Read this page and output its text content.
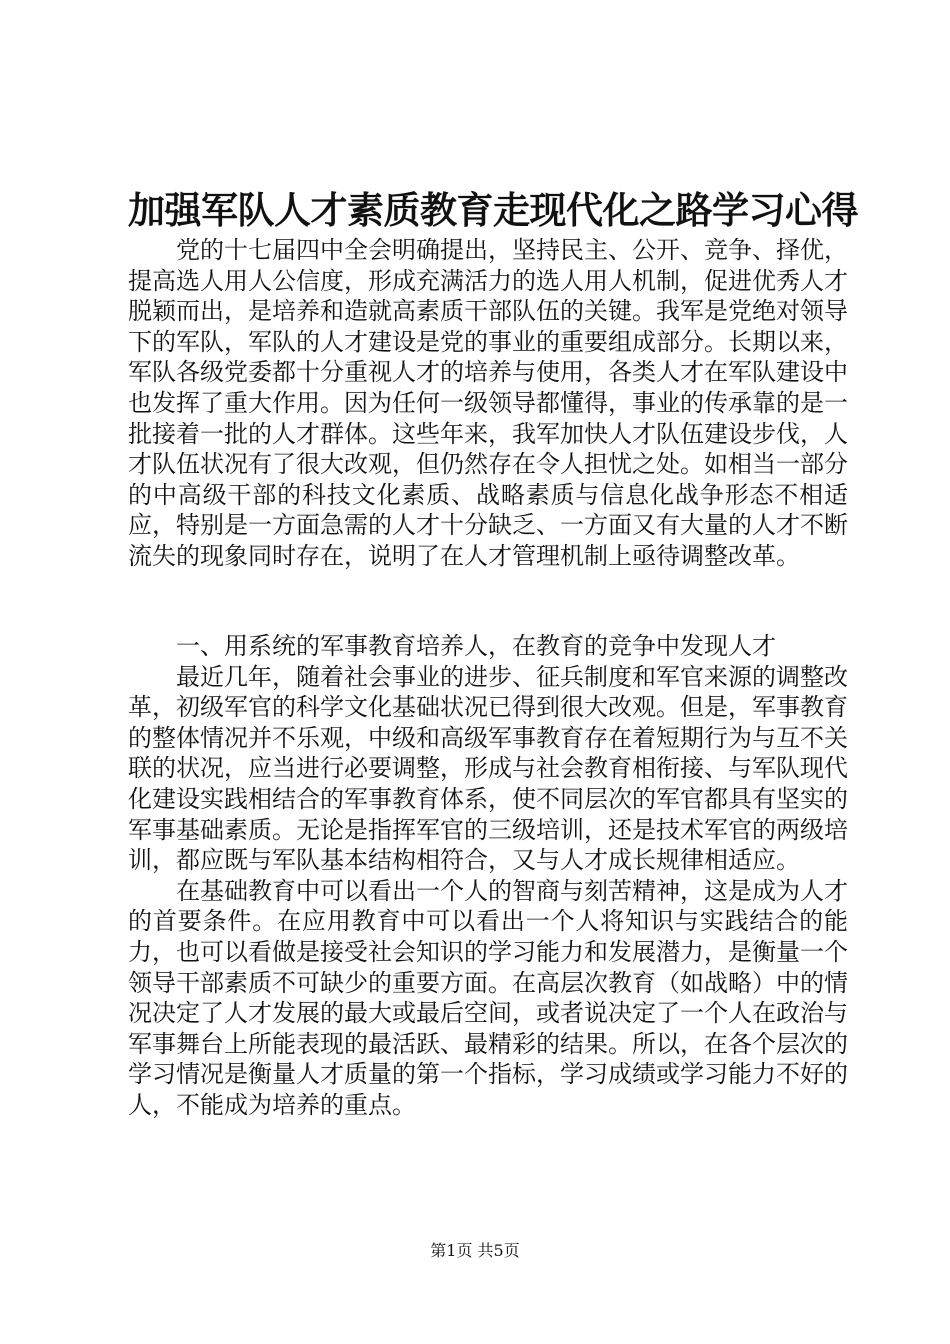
加强军队人才素质教育走现代化之路学习心得

党的十七届四中全会明确提出，坚持民主、公开、竞争、择优，提高选人用人公信度，形成充满活力的选人用人机制，促进优秀人才脱颖而出，是培养和造就高素质干部队伍的关键。我军是党绝对领导下的军队，军队的人才建设是党的事业的重要组成部分。长期以来，军队各级党委都十分重视人才的培养与使用，各类人才在军队建设中也发挥了重大作用。因为任何一级领导都懂得，事业的传承靠的是一批接着一批的人才群体。这些年来，我军加快人才队伍建设步伐，人才队伍状况有了很大改观，但仍然存在令人担忧之处。如相当一部分的中高级干部的科技文化素质、战略素质与信息化战争形态不相适应，特别是一方面急需的人才十分缺乏、一方面又有大量的人才不断流失的现象同时存在，说明了在人才管理机制上亟待调整改革。

一、用系统的军事教育培养人，在教育的竞争中发现人才

最近几年，随着社会事业的进步、征兵制度和军官来源的调整改革，初级军官的科学文化基础状况已得到很大改观。但是，军事教育的整体情况并不乐观，中级和高级军事教育存在着短期行为与互不关联的状况，应当进行必要调整，形成与社会教育相衔接、与军队现代化建设实践相结合的军事教育体系，使不同层次的军官都具有坚实的军事基础素质。无论是指挥军官的三级培训，还是技术军官的两级培训，都应既与军队基本结构相符合，又与人才成长规律相适应。

在基础教育中可以看出一个人的智商与刻苦精神，这是成为人才的首要条件。在应用教育中可以看出一个人将知识与实践结合的能力，也可以看做是接受社会知识的学习能力和发展潜力，是衡量一个领导干部素质不可缺少的重要方面。在高层次教育（如战略）中的情况决定了人才发展的最大或最后空间，或者说决定了一个人在政治与军事舞台上所能表现的最活跃、最精彩的结果。所以，在各个层次的学习情况是衡量人才质量的第一个指标，学习成绩或学习能力不好的人，不能成为培养的重点。

第1页 共5页
